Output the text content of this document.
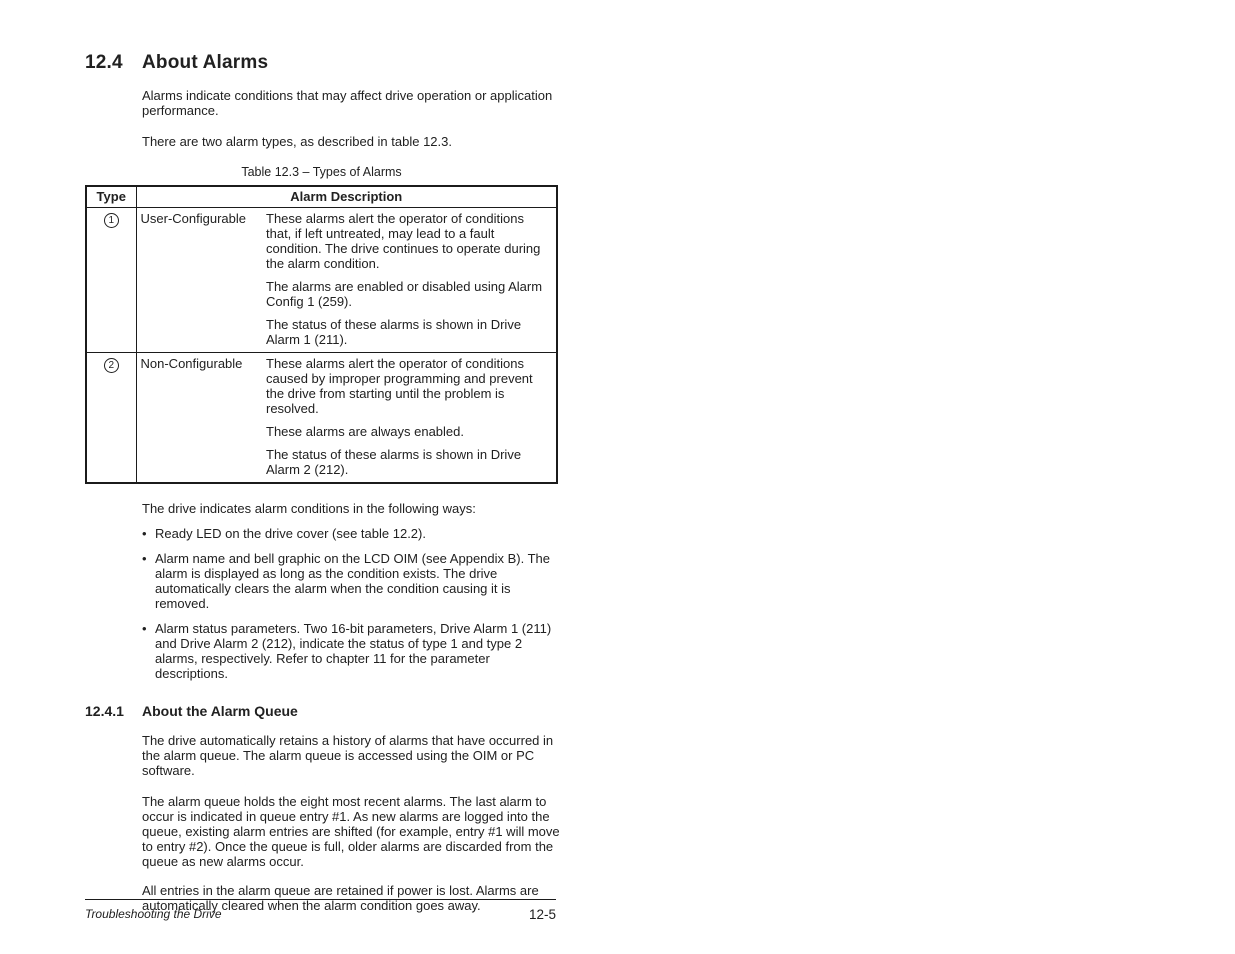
12.4	About Alarms

Alarms indicate conditions that may affect drive operation or application performance.

There are two alarm types, as described in table 12.3.

Table 12.3 – Types of Alarms
Type	Alarm Description	
1	User-Configurable	These alarms alert the operator of conditions that, if left untreated, may lead to a fault condition. The drive continues to operate during the alarm condition.
The alarms are enabled or disabled using Alarm Config 1 (259).
The status of these alarms is shown in Drive Alarm 1 (211).

2	Non-Configurable	These alarms alert the operator of conditions caused by improper programming and prevent the drive from starting until the problem is resolved.
These alarms are always enabled.
The status of these alarms is shown in Drive Alarm 2 (212).

The drive indicates alarm conditions in the following ways:

• Ready LED on the drive cover (see table 12.2).
• Alarm name and bell graphic on the LCD OIM (see Appendix B). The alarm is displayed as long as the condition exists. The drive automatically clears the alarm when the condition causing it is removed.
• Alarm status parameters. Two 16-bit parameters, Drive Alarm 1 (211) and Drive Alarm 2 (212), indicate the status of type 1 and type 2 alarms, respectively. Refer to chapter 11 for the parameter descriptions.
12.4.1	About the Alarm Queue

The drive automatically retains a history of alarms that have occurred in the alarm queue. The alarm queue is accessed using the OIM or PC software.

The alarm queue holds the eight most recent alarms. The last alarm to occur is indicated in queue entry #1. As new alarms are logged into the queue, existing alarm entries are shifted (for example, entry #1 will move to entry #2). Once the queue is full, older alarms are discarded from the queue as new alarms occur.

All entries in the alarm queue are retained if power is lost. Alarms are automatically cleared when the alarm condition goes away.

Troubleshooting the Drive	12-5
